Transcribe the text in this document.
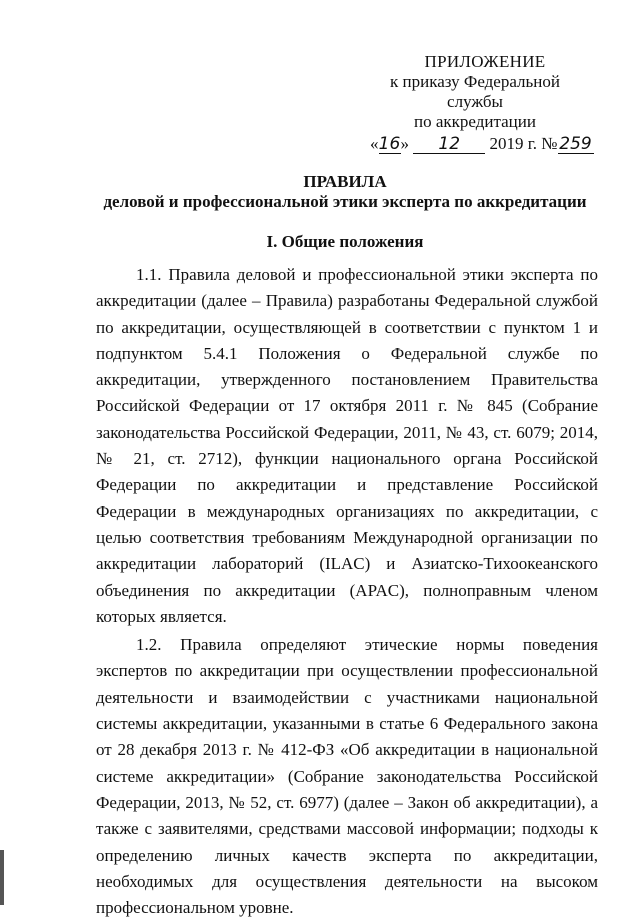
ПРИЛОЖЕНИЕ
к приказу Федеральной службы
по аккредитации
«16» 12 2019 г. № 259
ПРАВИЛА
деловой и профессиональной этики эксперта по аккредитации
I. Общие положения

1.1. Правила деловой и профессиональной этики эксперта по аккредитации (далее – Правила) разработаны Федеральной службой по аккредитации, осуществляющей в соответствии с пунктом 1 и подпунктом 5.4.1 Положения о Федеральной службе по аккредитации, утвержденного постановлением Правительства Российской Федерации от 17 октября 2011 г. № 845 (Собрание законодательства Российской Федерации, 2011, № 43, ст. 6079; 2014, № 21, ст. 2712), функции национального органа Российской Федерации по аккредитации и представление Российской Федерации в международных организациях по аккредитации, с целью соответствия требованиям Международной организации по аккредитации лабораторий (ILAC) и Азиатско-Тихоокеанского объединения по аккредитации (APAC), полноправным членом которых является.

1.2. Правила определяют этические нормы поведения экспертов по аккредитации при осуществлении профессиональной деятельности и взаимодействии с участниками национальной системы аккредитации, указанными в статье 6 Федерального закона от 28 декабря 2013 г. № 412-ФЗ «Об аккредитации в национальной системе аккредитации» (Собрание законодательства Российской Федерации, 2013, № 52, ст. 6977) (далее – Закон об аккредитации), а также с заявителями, средствами массовой информации; подходы к определению личных качеств эксперта по аккредитации, необходимых для осуществления деятельности на высоком профессиональном уровне.
